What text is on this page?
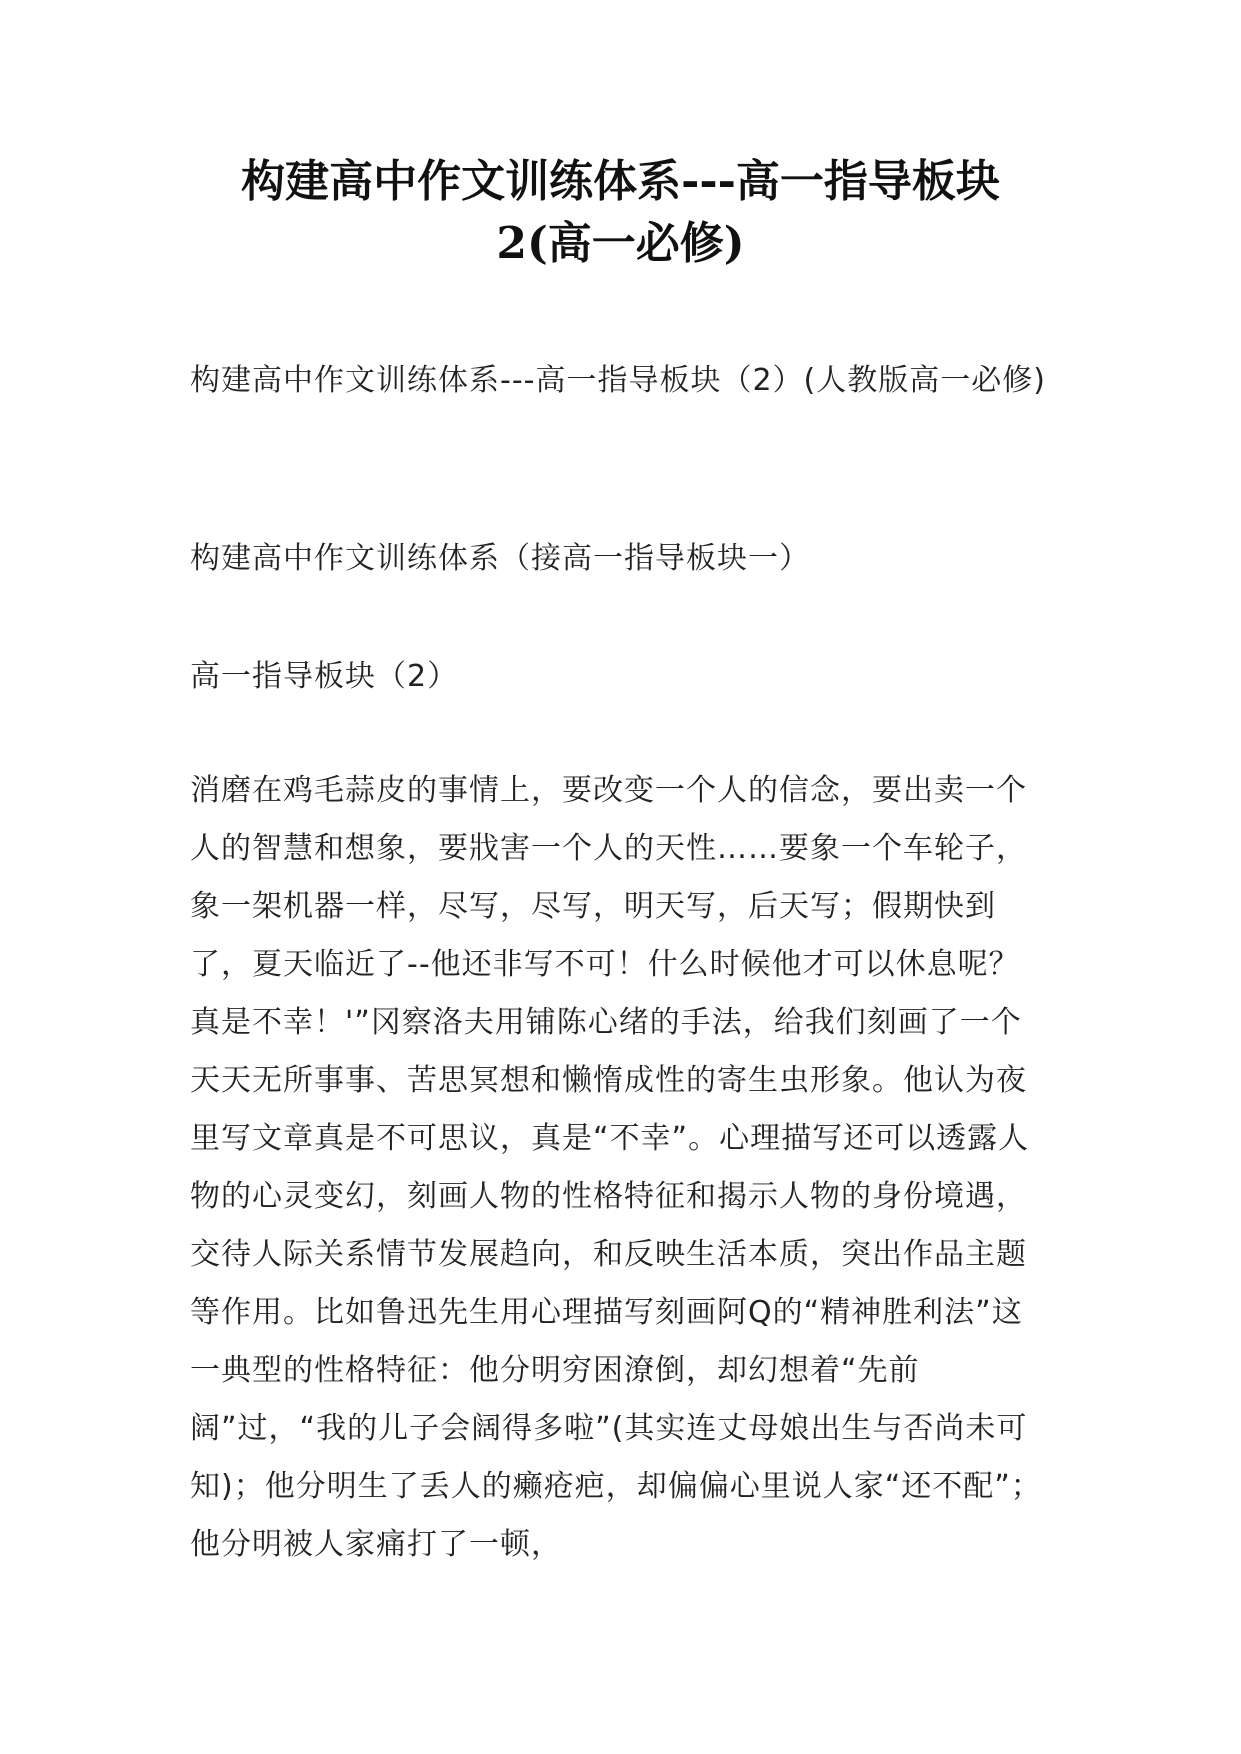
构建高中作文训练体系---高一指导板块
2(高一必修)

构建高中作文训练体系---高一指导板块（2）(人教版高一必修)

构建高中作文训练体系（接高一指导板块一）

高一指导板块（2）

消磨在鸡毛蒜皮的事情上，要改变一个人的信念，要出卖一个人的智慧和想象，要戕害一个人的天性……要象一个车轮子，象一架机器一样，尽写，尽写，明天写，后天写；假期快到了，夏天临近了--他还非写不可！什么时候他才可以休息呢？真是不幸！'”冈察洛夫用铺陈心绪的手法，给我们刻画了一个天天无所事事、苦思冥想和懒惰成性的寄生虫形象。他认为夜里写文章真是不可思议，真是“不幸”。心理描写还可以透露人物的心灵变幻，刻画人物的性格特征和揭示人物的身份境遇，交待人际关系情节发展趋向，和反映生活本质，突出作品主题等作用。比如鲁迅先生用心理描写刻画阿Q的“精神胜利法”这一典型的性格特征：他分明穷困潦倒，却幻想着“先前阔”过，“我的儿子会阔得多啦”(其实连丈母娘出生与否尚未可知)；他分明生了丢人的癞疮疤，却偏偏心里说人家“还不配”；他分明被人家痛打了一顿，
